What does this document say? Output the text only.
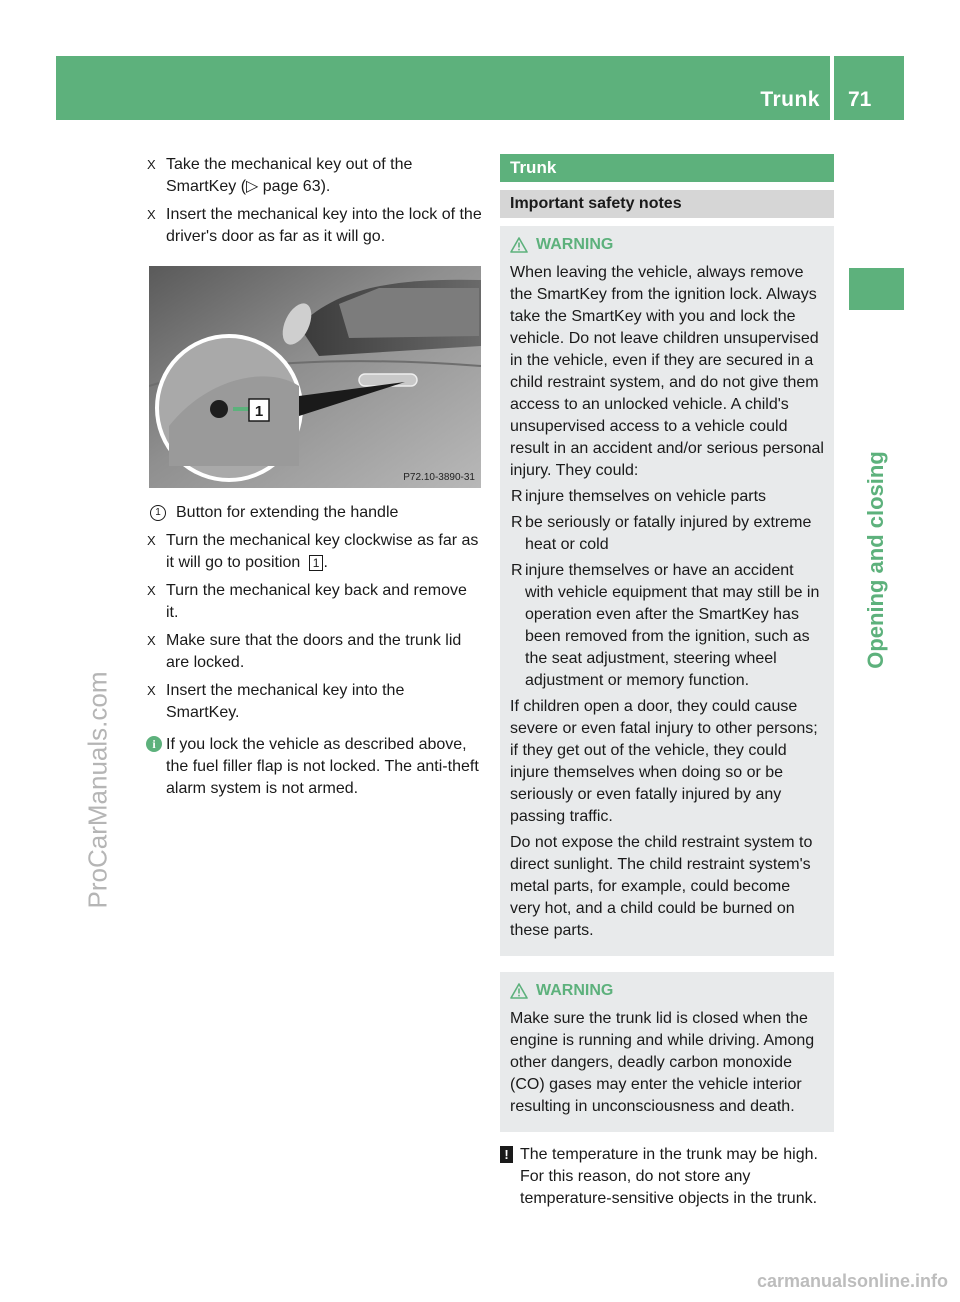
Trunk 71
Opening and closing
ProCarManuals.com
carmanualsonline.info
X Take the mechanical key out of the SmartKey (▷ page 63).
X Insert the mechanical key into the lock of the driver's door as far as it will go.
1
P72.10-3890-31
1 Button for extending the handle
X Turn the mechanical key clockwise as far as it will go to position 1 .
X Turn the mechanical key back and remove it.
X Make sure that the doors and the trunk lid are locked.
X Insert the mechanical key into the SmartKey.
i If you lock the vehicle as described above, the fuel filler flap is not locked. The anti-theft alarm system is not armed.
Trunk
Important safety notes
WARNING

When leaving the vehicle, always remove the SmartKey from the ignition lock. Always take the SmartKey with you and lock the vehicle. Do not leave children unsupervised in the vehicle, even if they are secured in a child restraint system, and do not give them access to an unlocked vehicle. A child's unsupervised access to a vehicle could result in an accident and/or serious personal injury. They could:

R injure themselves on vehicle parts
R be seriously or fatally injured by extreme heat or cold
R injure themselves or have an accident with vehicle equipment that may still be in operation even after the SmartKey has been removed from the ignition, such as the seat adjustment, steering wheel adjustment or memory function.

If children open a door, they could cause severe or even fatal injury to other persons; if they get out of the vehicle, they could injure themselves when doing so or be seriously or even fatally injured by any passing traffic.

Do not expose the child restraint system to direct sunlight. The child restraint system's metal parts, for example, could become very hot, and a child could be burned on these parts.

WARNING

Make sure the trunk lid is closed when the engine is running and while driving. Among other dangers, deadly carbon monoxide (CO) gases may enter the vehicle interior resulting in unconsciousness and death.

! The temperature in the trunk may be high. For this reason, do not store any temperature-sensitive objects in the trunk.
